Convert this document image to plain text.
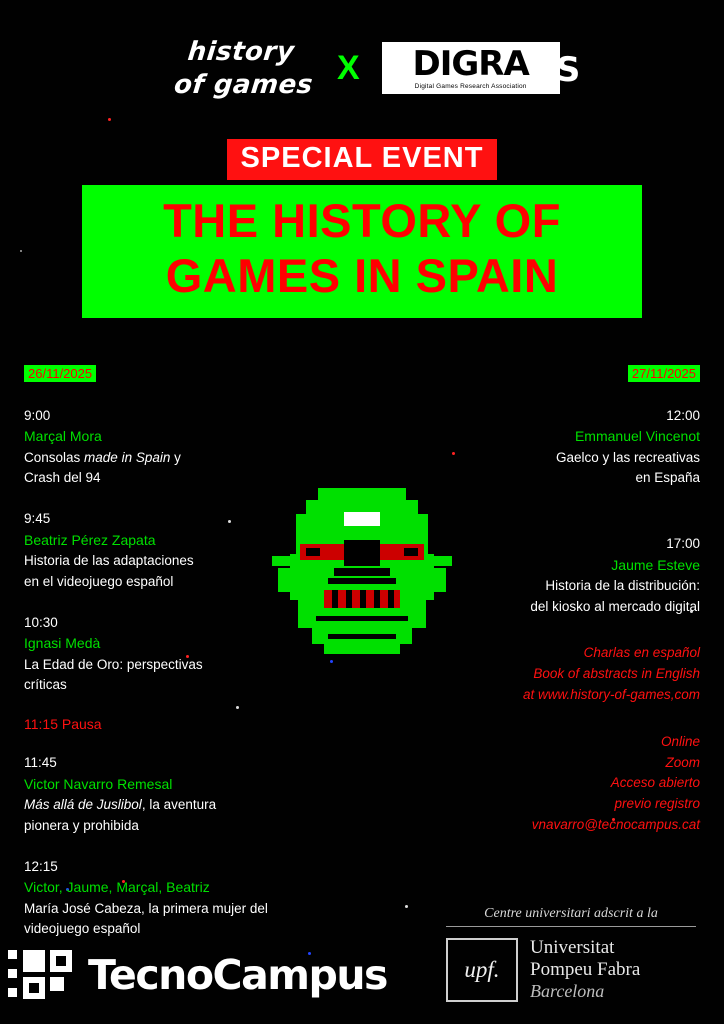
history
of games X	DIGRA
Digital Games Research Association ES
SPECIAL EVENT
THE HISTORY OF
GAMES IN SPAIN
26/11/2025
9:00
Marçal Mora
Consolas made in Spain y
Crash del 94
9:45
Beatriz Pérez Zapata
Historia de las adaptaciones
en el videojuego español
10:30
Ignasi Medà
La Edad de Oro: perspectivas
críticas
11:15 Pausa
11:45
Victor Navarro Remesal
Más allá de Juslibol, la aventura
pionera y prohibida
12:15
Victor, Jaume, Marçal, Beatriz
María José Cabeza, la primera mujer del
videojuego español
27/11/2025
12:00
Emmanuel Vincenot
Gaelco y las recreativas
en España
17:00
Jaume Esteve
Historia de la distribución:
del kiosko al mercado digital
Charlas en español
Book of abstracts in English
at www.history-of-games,com
Online
Zoom
Acceso abierto
previo registro
vnavarro@tecnocampus.cat
TecnoCampus
Centre universitari adscrit a la
upf.
Universitat
Pompeu Fabra
Barcelona
